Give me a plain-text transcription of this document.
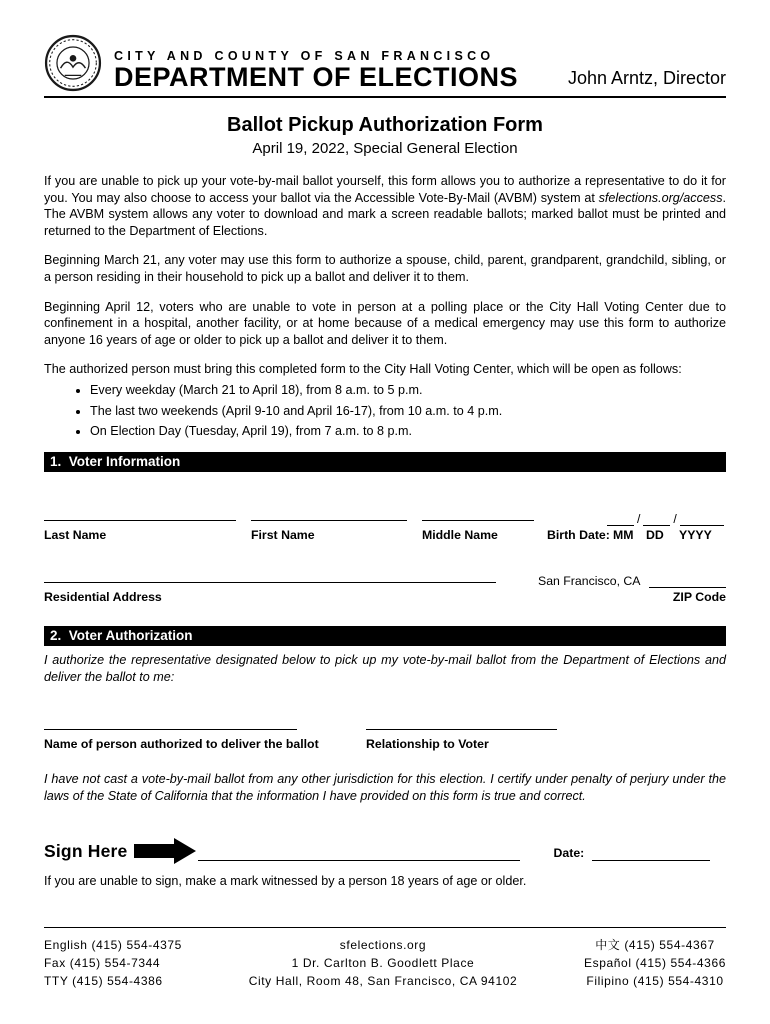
CITY AND COUNTY OF SAN FRANCISCO
DEPARTMENT OF ELECTIONS	John Arntz, Director
Ballot Pickup Authorization Form
April 19, 2022, Special General Election

If you are unable to pick up your vote-by-mail ballot yourself, this form allows you to authorize a representative to do it for you. You may also choose to access your ballot via the Accessible Vote-By-Mail (AVBM) system at sfelections.org/access. The AVBM system allows any voter to download and mark a screen readable ballots; marked ballot must be printed and returned to the Department of Elections.

Beginning March 21, any voter may use this form to authorize a spouse, child, parent, grandparent, grandchild, sibling, or a person residing in their household to pick up a ballot and deliver it to them.

Beginning April 12, voters who are unable to vote in person at a polling place or the City Hall Voting Center due to confinement in a hospital, another facility, or at home because of a medical emergency may use this form to authorize anyone 16 years of age or older to pick up a ballot and deliver it to them.

The authorized person must bring this completed form to the City Hall Voting Center, which will be open as follows:

• Every weekday (March 21 to April 18), from 8 a.m. to 5 p.m.
• The last two weekends (April 9-10 and April 16-17), from 10 a.m. to 4 p.m.
• On Election Day (Tuesday, April 19), from 7 a.m. to 8 p.m.
1.  Voter Information
Last Name	First Name	Middle Name
/	/
Birth Date: MM	DD	YYYY
Residential Address
San Francisco, CA
ZIP Code
2.  Voter Authorization
I authorize the representative designated below to pick up my vote-by-mail ballot from the Department of Elections and deliver the ballot to me:
Name of person authorized to deliver the ballot	Relationship to Voter
I have not cast a vote-by-mail ballot from any other jurisdiction for this election. I certify under penalty of perjury under the laws of the State of California that the information I have provided on this form is true and correct.
Sign Here	Date:
If you are unable to sign, make a mark witnessed by a person 18 years of age or older.
English (415) 554-4375
Fax (415) 554-7344
TTY (415) 554-4386
sfelections.org
1 Dr. Carlton B. Goodlett Place
City Hall, Room 48, San Francisco, CA 94102
中文 (415) 554-4367
Español (415) 554-4366
Filipino (415) 554-4310
